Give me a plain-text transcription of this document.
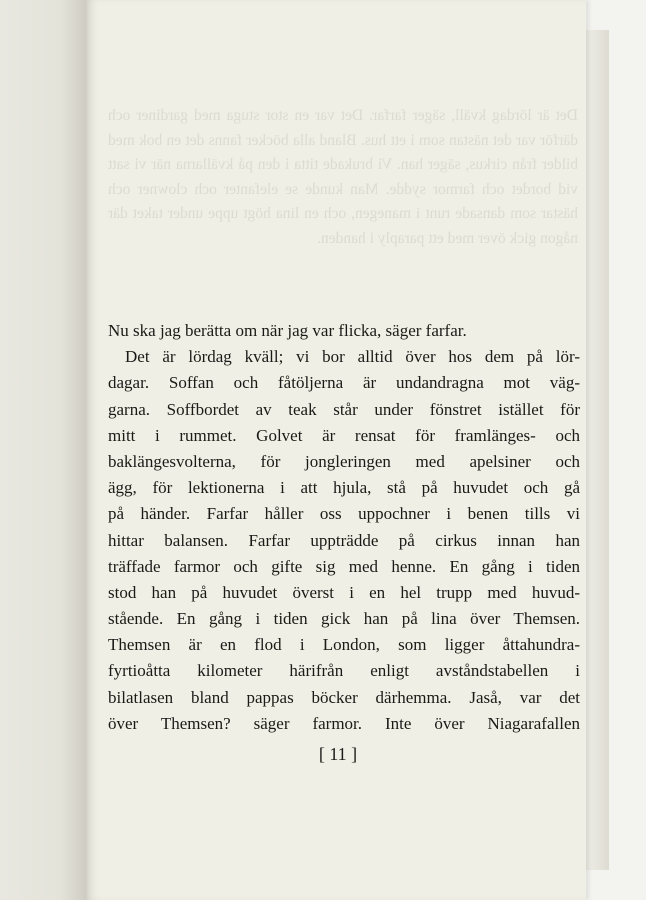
Det är lördag kväll, säger farfar. Det var en stor stuga med gardiner och därför var det nästan som i ett hus. Bland alla böcker fanns det en bok med bilder från cirkus, säger han. Vi brukade titta i den på kvällarna när vi satt vid bordet och farmor sydde. Man kunde se elefanter och clowner och hästar som dansade runt i manegen, och en lina högt uppe under taket där någon gick över med ett paraply i handen.

Nu ska jag berätta om när jag var flicka, säger farfar.
Det är lördag kväll; vi bor alltid över hos dem på lör-
dagar. Soffan och fåtöljerna är undandragna mot väg-
garna. Soffbordet av teak står under fönstret istället för
mitt i rummet. Golvet är rensat för framlänges- och
baklängesvolterna, för jongleringen med apelsiner och
ägg, för lektionerna i att hjula, stå på huvudet och gå
på händer. Farfar håller oss uppochner i benen tills vi
hittar balansen. Farfar uppträdde på cirkus innan han
träffade farmor och gifte sig med henne. En gång i tiden
stod han på huvudet överst i en hel trupp med huvud-
stående. En gång i tiden gick han på lina över Themsen.
Themsen är en flod i London, som ligger åttahundra-
fyrtioåtta kilometer härifrån enligt avståndstabellen i
bilatlasen bland pappas böcker därhemma. Jaså, var det
över Themsen? säger farmor. Inte över Niagarafallen
[ 11 ]
